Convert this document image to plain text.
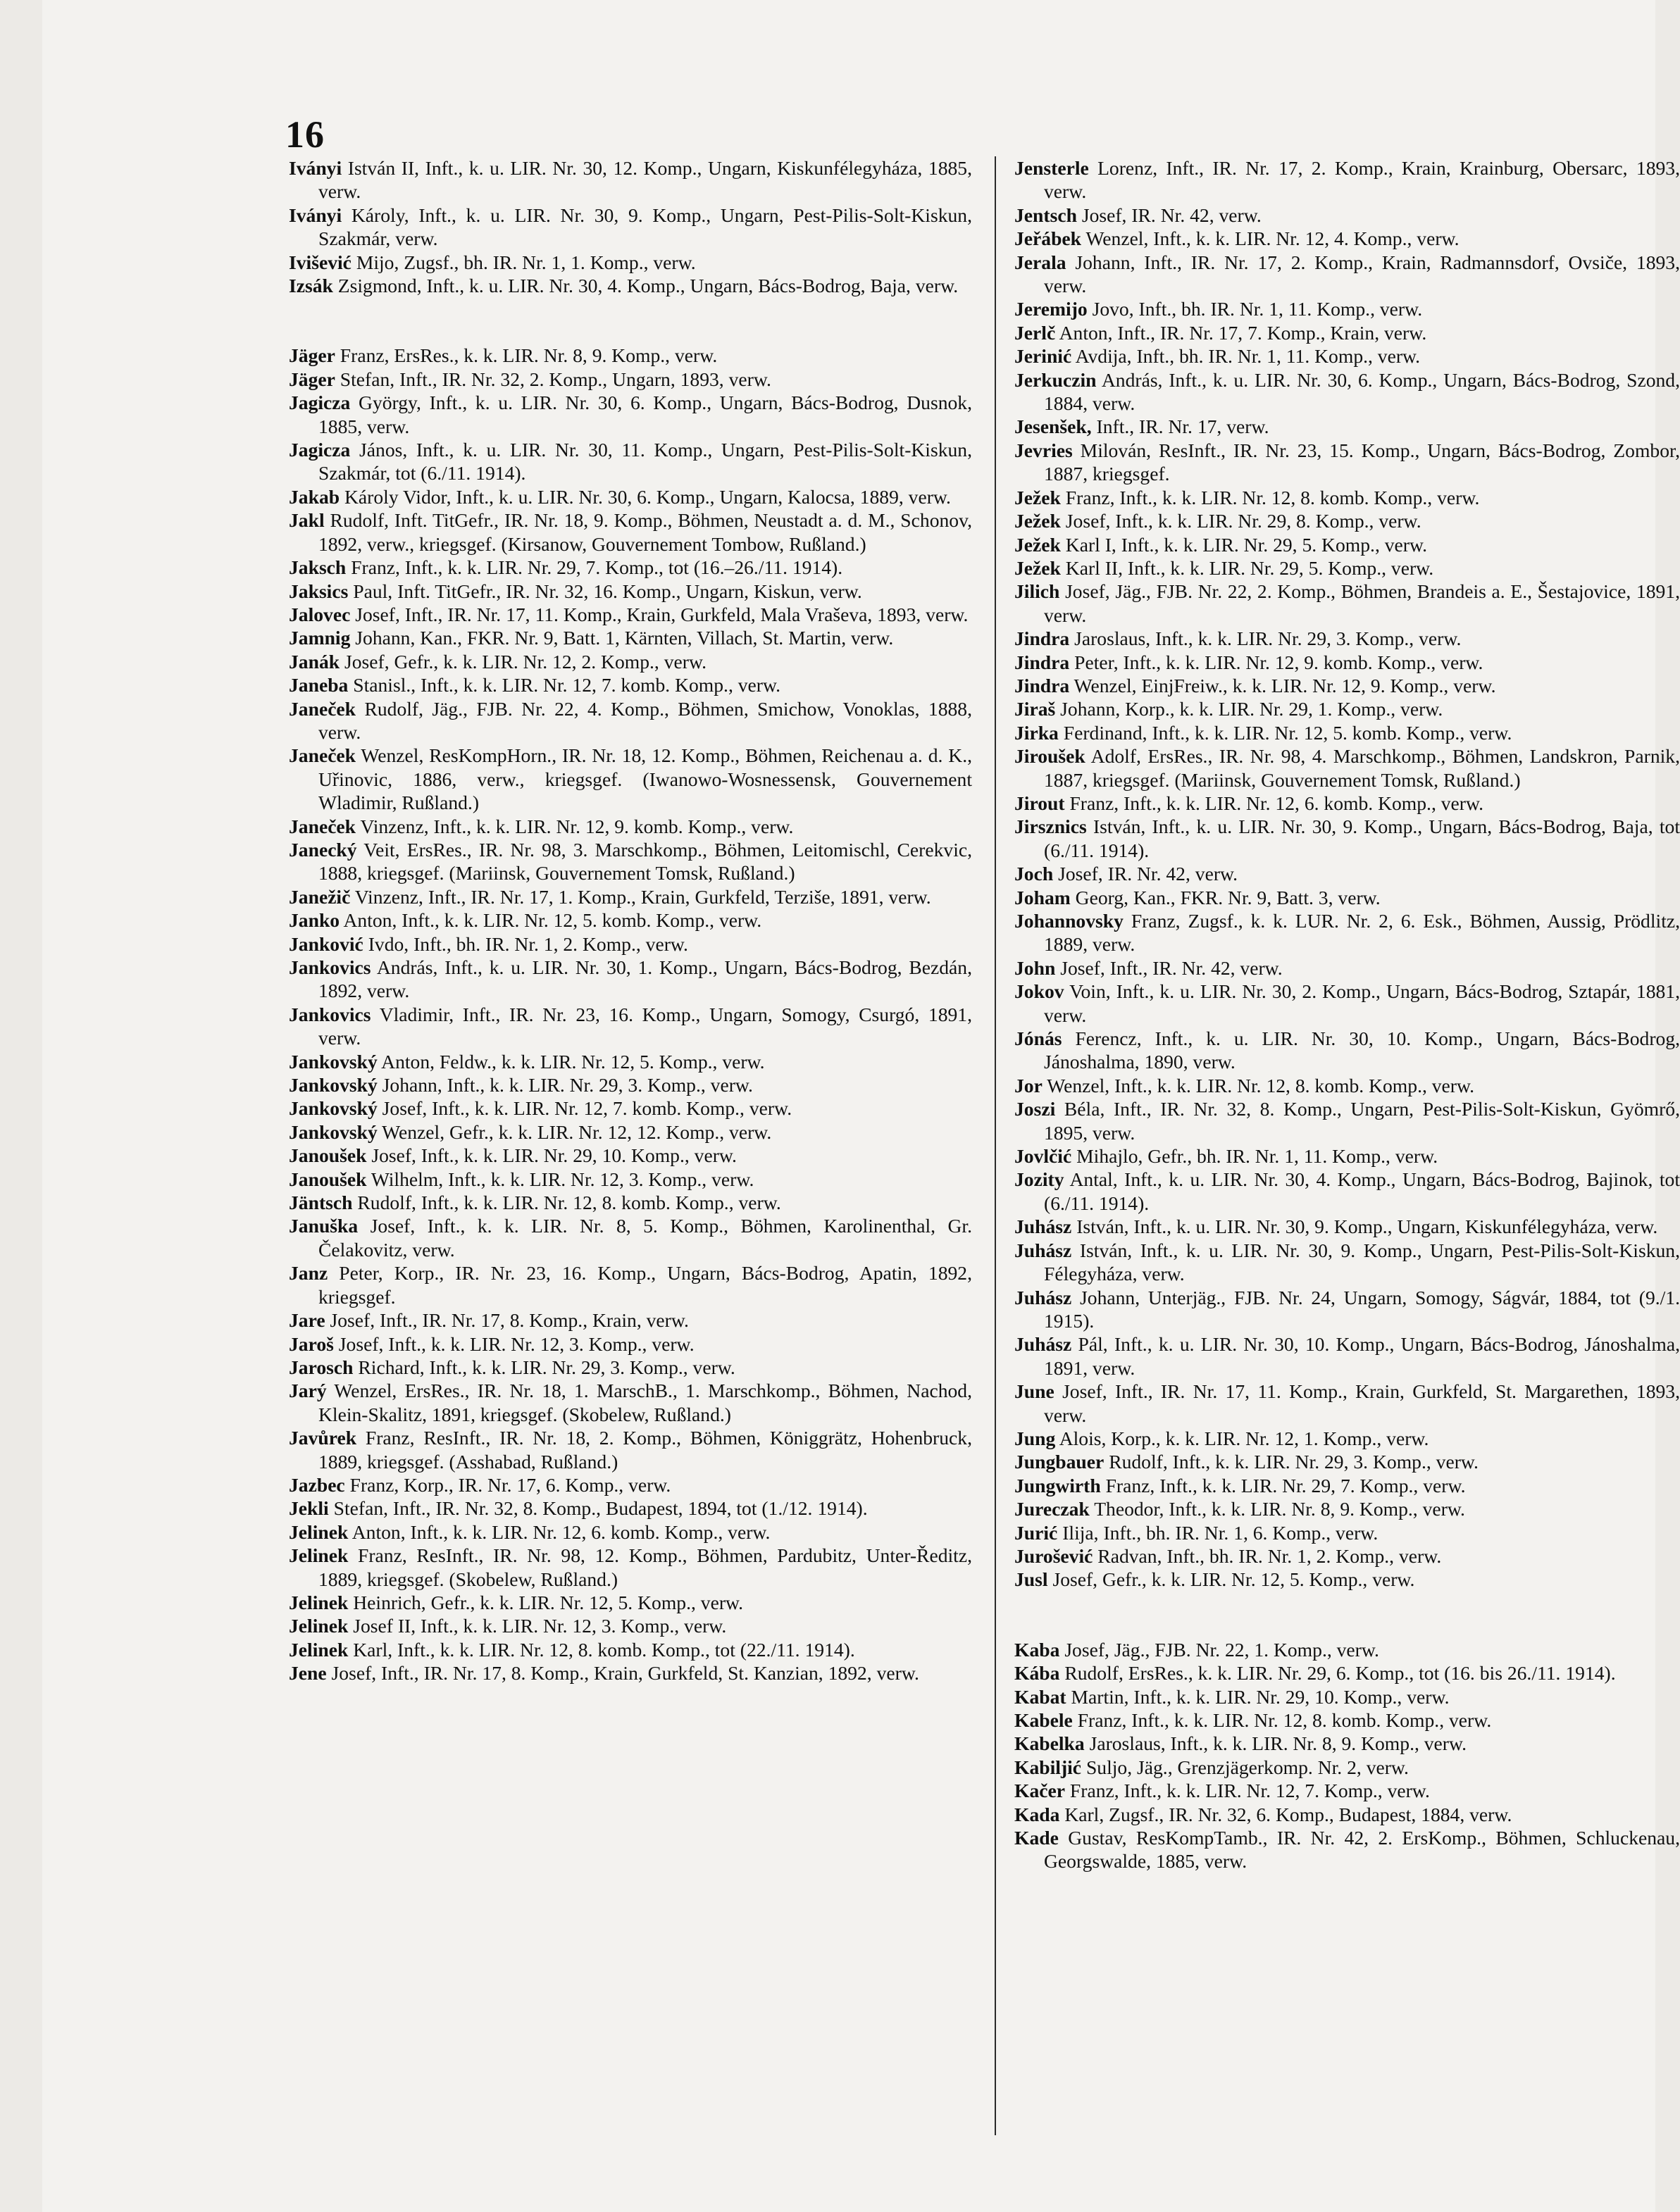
16

Iványi István II, Inft., k. u. LIR. Nr. 30, 12. Komp., Ungarn, Kiskunfélegyháza, 1885, verw.

Iványi Károly, Inft., k. u. LIR. Nr. 30, 9. Komp., Ungarn, Pest-Pilis-Solt-Kiskun, Szakmár, verw.

Ivišević Mijo, Zugsf., bh. IR. Nr. 1, 1. Komp., verw.

Izsák Zsigmond, Inft., k. u. LIR. Nr. 30, 4. Komp., Ungarn, Bács-Bodrog, Baja, verw.

Jäger Franz, ErsRes., k. k. LIR. Nr. 8, 9. Komp., verw.

Jäger Stefan, Inft., IR. Nr. 32, 2. Komp., Ungarn, 1893, verw.

Jagicza György, Inft., k. u. LIR. Nr. 30, 6. Komp., Ungarn, Bács-Bodrog, Dusnok, 1885, verw.

Jagicza János, Inft., k. u. LIR. Nr. 30, 11. Komp., Ungarn, Pest-Pilis-Solt-Kiskun, Szakmár, tot (6./11. 1914).

Jakab Károly Vidor, Inft., k. u. LIR. Nr. 30, 6. Komp., Ungarn, Kalocsa, 1889, verw.

Jakl Rudolf, Inft. TitGefr., IR. Nr. 18, 9. Komp., Böhmen, Neustadt a. d. M., Schonov, 1892, verw., kriegsgef. (Kirsanow, Gouvernement Tombow, Rußland.)

Jaksch Franz, Inft., k. k. LIR. Nr. 29, 7. Komp., tot (16.–26./11. 1914).

Jaksics Paul, Inft. TitGefr., IR. Nr. 32, 16. Komp., Ungarn, Kiskun, verw.

Jalovec Josef, Inft., IR. Nr. 17, 11. Komp., Krain, Gurkfeld, Mala Vraševa, 1893, verw.

Jamnig Johann, Kan., FKR. Nr. 9, Batt. 1, Kärnten, Villach, St. Martin, verw.

Janák Josef, Gefr., k. k. LIR. Nr. 12, 2. Komp., verw.

Janeba Stanisl., Inft., k. k. LIR. Nr. 12, 7. komb. Komp., verw.

Janeček Rudolf, Jäg., FJB. Nr. 22, 4. Komp., Böhmen, Smichow, Vonoklas, 1888, verw.

Janeček Wenzel, ResKompHorn., IR. Nr. 18, 12. Komp., Böhmen, Reichenau a. d. K., Uřinovic, 1886, verw., kriegsgef. (Iwanowo-Wosnessensk, Gouvernement Wladimir, Rußland.)

Janeček Vinzenz, Inft., k. k. LIR. Nr. 12, 9. komb. Komp., verw.

Janecký Veit, ErsRes., IR. Nr. 98, 3. Marschkomp., Böhmen, Leitomischl, Cerekvic, 1888, kriegsgef. (Mariinsk, Gouvernement Tomsk, Rußland.)

Janežič Vinzenz, Inft., IR. Nr. 17, 1. Komp., Krain, Gurkfeld, Terziše, 1891, verw.

Janko Anton, Inft., k. k. LIR. Nr. 12, 5. komb. Komp., verw.

Janković Ivdo, Inft., bh. IR. Nr. 1, 2. Komp., verw.

Jankovics András, Inft., k. u. LIR. Nr. 30, 1. Komp., Ungarn, Bács-Bodrog, Bezdán, 1892, verw.

Jankovics Vladimir, Inft., IR. Nr. 23, 16. Komp., Ungarn, Somogy, Csurgó, 1891, verw.

Jankovský Anton, Feldw., k. k. LIR. Nr. 12, 5. Komp., verw.

Jankovský Johann, Inft., k. k. LIR. Nr. 29, 3. Komp., verw.

Jankovský Josef, Inft., k. k. LIR. Nr. 12, 7. komb. Komp., verw.

Jankovský Wenzel, Gefr., k. k. LIR. Nr. 12, 12. Komp., verw.

Janoušek Josef, Inft., k. k. LIR. Nr. 29, 10. Komp., verw.

Janoušek Wilhelm, Inft., k. k. LIR. Nr. 12, 3. Komp., verw.

Jäntsch Rudolf, Inft., k. k. LIR. Nr. 12, 8. komb. Komp., verw.

Januška Josef, Inft., k. k. LIR. Nr. 8, 5. Komp., Böhmen, Karolinenthal, Gr. Čelakovitz, verw.

Janz Peter, Korp., IR. Nr. 23, 16. Komp., Ungarn, Bács-Bodrog, Apatin, 1892, kriegsgef.

Jare Josef, Inft., IR. Nr. 17, 8. Komp., Krain, verw.

Jaroš Josef, Inft., k. k. LIR. Nr. 12, 3. Komp., verw.

Jarosch Richard, Inft., k. k. LIR. Nr. 29, 3. Komp., verw.

Jarý Wenzel, ErsRes., IR. Nr. 18, 1. MarschB., 1. Marschkomp., Böhmen, Nachod, Klein-Skalitz, 1891, kriegsgef. (Skobelew, Rußland.)

Javůrek Franz, ResInft., IR. Nr. 18, 2. Komp., Böhmen, Königgrätz, Hohenbruck, 1889, kriegsgef. (Asshabad, Rußland.)

Jazbec Franz, Korp., IR. Nr. 17, 6. Komp., verw.

Jekli Stefan, Inft., IR. Nr. 32, 8. Komp., Budapest, 1894, tot (1./12. 1914).

Jelinek Anton, Inft., k. k. LIR. Nr. 12, 6. komb. Komp., verw.

Jelinek Franz, ResInft., IR. Nr. 98, 12. Komp., Böhmen, Pardubitz, Unter-Ředitz, 1889, kriegsgef. (Skobelew, Rußland.)

Jelinek Heinrich, Gefr., k. k. LIR. Nr. 12, 5. Komp., verw.

Jelinek Josef II, Inft., k. k. LIR. Nr. 12, 3. Komp., verw.

Jelinek Karl, Inft., k. k. LIR. Nr. 12, 8. komb. Komp., tot (22./11. 1914).

Jene Josef, Inft., IR. Nr. 17, 8. Komp., Krain, Gurkfeld, St. Kanzian, 1892, verw.

Jensterle Lorenz, Inft., IR. Nr. 17, 2. Komp., Krain, Krainburg, Obersarc, 1893, verw.

Jentsch Josef, IR. Nr. 42, verw.

Jeřábek Wenzel, Inft., k. k. LIR. Nr. 12, 4. Komp., verw.

Jerala Johann, Inft., IR. Nr. 17, 2. Komp., Krain, Radmannsdorf, Ovsiče, 1893, verw.

Jeremijo Jovo, Inft., bh. IR. Nr. 1, 11. Komp., verw.

Jerlč Anton, Inft., IR. Nr. 17, 7. Komp., Krain, verw.

Jerinić Avdija, Inft., bh. IR. Nr. 1, 11. Komp., verw.

Jerkuczin András, Inft., k. u. LIR. Nr. 30, 6. Komp., Ungarn, Bács-Bodrog, Szond, 1884, verw.

Jesenšek, Inft., IR. Nr. 17, verw.

Jevries Milován, ResInft., IR. Nr. 23, 15. Komp., Ungarn, Bács-Bodrog, Zombor, 1887, kriegsgef.

Ježek Franz, Inft., k. k. LIR. Nr. 12, 8. komb. Komp., verw.

Ježek Josef, Inft., k. k. LIR. Nr. 29, 8. Komp., verw.

Ježek Karl I, Inft., k. k. LIR. Nr. 29, 5. Komp., verw.

Ježek Karl II, Inft., k. k. LIR. Nr. 29, 5. Komp., verw.

Jilich Josef, Jäg., FJB. Nr. 22, 2. Komp., Böhmen, Brandeis a. E., Šestajovice, 1891, verw.

Jindra Jaroslaus, Inft., k. k. LIR. Nr. 29, 3. Komp., verw.

Jindra Peter, Inft., k. k. LIR. Nr. 12, 9. komb. Komp., verw.

Jindra Wenzel, EinjFreiw., k. k. LIR. Nr. 12, 9. Komp., verw.

Jiraš Johann, Korp., k. k. LIR. Nr. 29, 1. Komp., verw.

Jirka Ferdinand, Inft., k. k. LIR. Nr. 12, 5. komb. Komp., verw.

Jiroušek Adolf, ErsRes., IR. Nr. 98, 4. Marschkomp., Böhmen, Landskron, Parnik, 1887, kriegsgef. (Mariinsk, Gouvernement Tomsk, Rußland.)

Jirout Franz, Inft., k. k. LIR. Nr. 12, 6. komb. Komp., verw.

Jirsznics István, Inft., k. u. LIR. Nr. 30, 9. Komp., Ungarn, Bács-Bodrog, Baja, tot (6./11. 1914).

Joch Josef, IR. Nr. 42, verw.

Joham Georg, Kan., FKR. Nr. 9, Batt. 3, verw.

Johannovsky Franz, Zugsf., k. k. LUR. Nr. 2, 6. Esk., Böhmen, Aussig, Prödlitz, 1889, verw.

John Josef, Inft., IR. Nr. 42, verw.

Jokov Voin, Inft., k. u. LIR. Nr. 30, 2. Komp., Ungarn, Bács-Bodrog, Sztapár, 1881, verw.

Jónás Ferencz, Inft., k. u. LIR. Nr. 30, 10. Komp., Ungarn, Bács-Bodrog, Jánoshalma, 1890, verw.

Jor Wenzel, Inft., k. k. LIR. Nr. 12, 8. komb. Komp., verw.

Joszi Béla, Inft., IR. Nr. 32, 8. Komp., Ungarn, Pest-Pilis-Solt-Kiskun, Gyömrő, 1895, verw.

Jovlčić Mihajlo, Gefr., bh. IR. Nr. 1, 11. Komp., verw.

Jozity Antal, Inft., k. u. LIR. Nr. 30, 4. Komp., Ungarn, Bács-Bodrog, Bajinok, tot (6./11. 1914).

Juhász István, Inft., k. u. LIR. Nr. 30, 9. Komp., Ungarn, Kiskunfélegyháza, verw.

Juhász István, Inft., k. u. LIR. Nr. 30, 9. Komp., Ungarn, Pest-Pilis-Solt-Kiskun, Félegyháza, verw.

Juhász Johann, Unterjäg., FJB. Nr. 24, Ungarn, Somogy, Ságvár, 1884, tot (9./1. 1915).

Juhász Pál, Inft., k. u. LIR. Nr. 30, 10. Komp., Ungarn, Bács-Bodrog, Jánoshalma, 1891, verw.

June Josef, Inft., IR. Nr. 17, 11. Komp., Krain, Gurkfeld, St. Margarethen, 1893, verw.

Jung Alois, Korp., k. k. LIR. Nr. 12, 1. Komp., verw.

Jungbauer Rudolf, Inft., k. k. LIR. Nr. 29, 3. Komp., verw.

Jungwirth Franz, Inft., k. k. LIR. Nr. 29, 7. Komp., verw.

Jureczak Theodor, Inft., k. k. LIR. Nr. 8, 9. Komp., verw.

Jurić Ilija, Inft., bh. IR. Nr. 1, 6. Komp., verw.

Jurošević Radvan, Inft., bh. IR. Nr. 1, 2. Komp., verw.

Jusl Josef, Gefr., k. k. LIR. Nr. 12, 5. Komp., verw.

Kaba Josef, Jäg., FJB. Nr. 22, 1. Komp., verw.

Kába Rudolf, ErsRes., k. k. LIR. Nr. 29, 6. Komp., tot (16. bis 26./11. 1914).

Kabat Martin, Inft., k. k. LIR. Nr. 29, 10. Komp., verw.

Kabele Franz, Inft., k. k. LIR. Nr. 12, 8. komb. Komp., verw.

Kabelka Jaroslaus, Inft., k. k. LIR. Nr. 8, 9. Komp., verw.

Kabiljić Suljo, Jäg., Grenzjägerkomp. Nr. 2, verw.

Kačer Franz, Inft., k. k. LIR. Nr. 12, 7. Komp., verw.

Kada Karl, Zugsf., IR. Nr. 32, 6. Komp., Budapest, 1884, verw.

Kade Gustav, ResKompTamb., IR. Nr. 42, 2. ErsKomp., Böhmen, Schluckenau, Georgswalde, 1885, verw.
